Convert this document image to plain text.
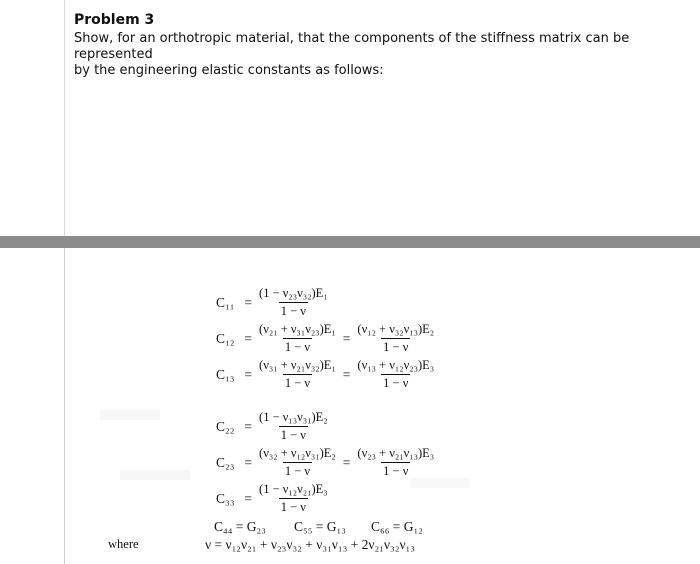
Problem 3
Show, for an orthotropic material, that the components of the stiffness matrix can be represented
by the engineering elastic constants as follows:
$C_{11} = \frac{\text{(1 − ν₂₃ν₃₂)E₁}}{1 - \nu}$
$C_{12} = \frac{\text{(ν₂₁ + ν₃₁ν₂₃)E₁}}{1 - \nu} = \frac{\text{(ν₁₂ + ν₃₂ν₁₃)E₂}}{1 - \nu}$
$C_{13} = \frac{\text{(ν₃₁ + ν₂₁ν₃₂)E₁}}{1 - \nu} = \frac{\text{(ν₁₃ + ν₁₂ν₂₃)E₃}}{1 - \nu}$
$C_{22} = \frac{\text{(1 − ν₁₃ν₃₁)E₂}}{1 - \nu}$
$C_{23} = \frac{\text{(ν₃₂ + ν₁₂ν₃₁)E₂}}{1 - \nu} = \frac{\text{(ν₂₃ + ν₂₁ν₁₃)E₃}}{1 - \nu}$
$C_{33} = \frac{\text{(1 − ν₁₂ν₂₁)E₃}}{1 - \nu}$
C₄₄ = G₂₃ C₅₅ = G₁₃ C₆₆ = G₁₂
where	ν = ν₁₂ν₂₁ + ν₂₃ν₃₂ + ν₃₁ν₁₃ + 2ν₂₁ν₃₂ν₁₃
